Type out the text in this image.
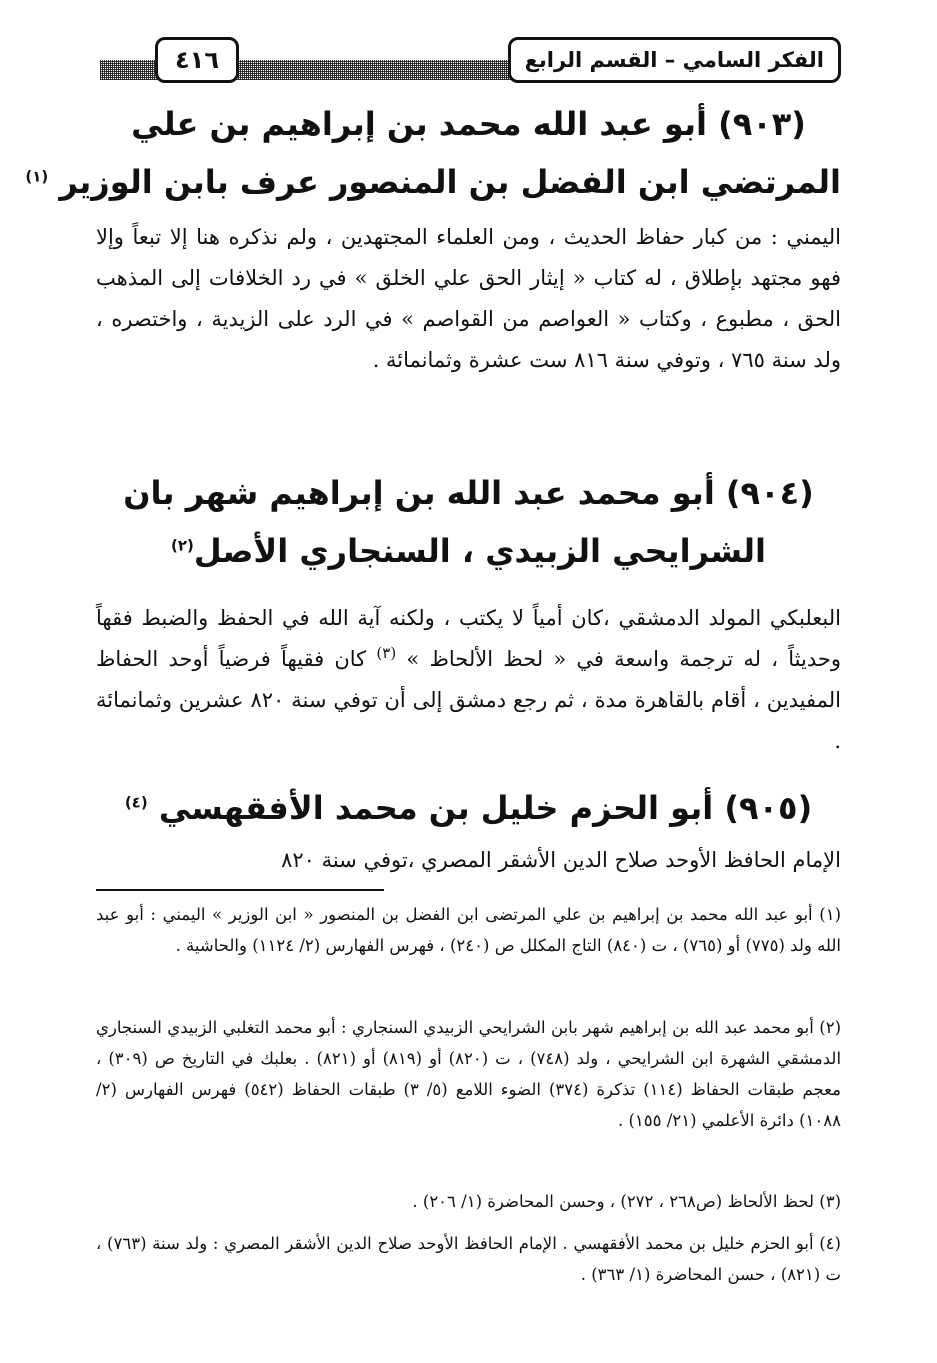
الفكر السامي – القسم الرابع
٤١٦
(٩٠٣) أبو عبد الله محمد بن إبراهيم بن علي
المرتضي ابن الفضل بن المنصور عرف بابن الوزير $^{(١)}$
اليمني : من كبار حفاظ الحديث ، ومن العلماء المجتهدين ، ولم نذكره هنا إلا تبعاً وإلا فهو مجتهد بإطلاق ، له كتاب « إيثار الحق علي الخلق » في رد الخلافات إلى المذهب الحق ، مطبوع ، وكتاب « العواصم من القواصم » في الرد على الزيدية ، واختصره ، ولد سنة ٧٦٥ ، وتوفي سنة ٨١٦ ست عشرة وثمانمائة .
(٩٠٤) أبو محمد عبد الله بن إبراهيم شهر بان
الشرايحي الزبيدي ، السنجاري الأصل$^{(٢)}$
البعلبكي المولد الدمشقي ،كان أمياً لا يكتب ، ولكنه آية الله في الحفظ والضبط فقهاً وحديثاً ، له ترجمة واسعة في « لحظ الألحاظ » $^{(٣)}$ كان فقيهاً فرضياً أوحد الحفاظ المفيدين ، أقام بالقاهرة مدة ، ثم رجع دمشق إلى أن توفي سنة ٨٢٠ عشرين وثمانمائة .
(٩٠٥) أبو الحزم خليل بن محمد الأفقهسي $^{(٤)}$
الإمام الحافظ الأوحد صلاح الدين الأشقر المصري ،توفي سنة ٨٢٠
(١) أبو عبد الله محمد بن إبراهيم بن علي المرتضى ابن الفضل بن المنصور « ابن الوزير » اليمني : أبو عبد الله ولد (٧٧٥) أو (٧٦٥) ، ت (٨٤٠) التاج المكلل ص (٢٤٠) ، فهرس الفهارس (٢/ ١١٢٤) والحاشية .
(٢) أبو محمد عبد الله بن إبراهيم شهر بابن الشرايحي الزبيدي السنجاري : أبو محمد التغلبي الزبيدي السنجاري الدمشقي الشهرة ابن الشرايحي ، ولد (٧٤٨) ، ت (٨٢٠) أو (٨١٩) أو (٨٢١) . بعلبك في التاريخ ص (٣٠٩) ، معجم طبقات الحفاظ (١١٤) تذكرة (٣٧٤) الضوء اللامع (٥/ ٣) طبقات الحفاظ (٥٤٢) فهرس الفهارس (٢/ ١٠٨٨) دائرة الأعلمي (٢١/ ١٥٥) .
(٣) لحظ الألحاظ (ص٢٦٨ ، ٢٧٢) ، وحسن المحاضرة (١/ ٢٠٦) .
(٤) أبو الحزم خليل بن محمد الأفقهسي . الإمام الحافظ الأوحد صلاح الدين الأشقر المصري : ولد سنة (٧٦٣) ، ت (٨٢١) ، حسن المحاضرة (١/ ٣٦٣) .
